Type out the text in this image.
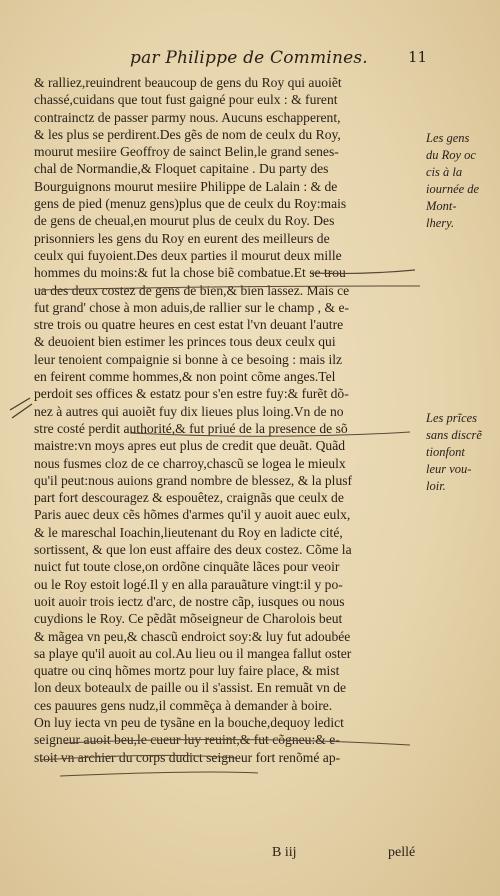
par Philippe de Commines.	11
& ralliez,reuindrent beaucoup de gens du Roy qui auoiẽt
chassé,cuidans que tout fust gaigné pour eulx : & furent
contrainctz de passer parmy nous. Aucuns eschapperent,
& les plus se perdirent.Des gẽs de nom de ceulx du Roy,
mourut mesiire Geoffroy de sainct Belin,le grand senes-
chal de Normandie,& Floquet capitaine . Du party des
Bourguignons mourut mesiire Philippe de Lalain : & de
gens de pied (menuz gens)plus que de ceulx du Roy:mais
de gens de cheual,en mourut plus de ceulx du Roy. Des
prisonniers les gens du Roy en eurent des meilleurs de
ceulx qui fuyoient.Des deux parties il mourut deux mille
hommes du moins:& fut la chose biẽ combatue.Et se trou
ua des deux costez de gens de bien,& bien lassez. Mais ce
fut grand' chose à mon aduis,de rallier sur le champ , & e-
stre trois ou quatre heures en cest estat l'vn deuant l'autre
& deuoient bien estimer les princes tous deux ceulx qui
leur tenoient compaignie si bonne à ce besoing : mais ilz
en feirent comme hommes,& non point cõme anges.Tel
perdoit ses offices & estatz pour s'en estre fuy:& furẽt dõ-
nez à autres qui auoiẽt fuy dix lieues plus loing.Vn de no
stre costé perdit authorité,& fut priué de la presence de sõ
maistre:vn moys apres eut plus de credit que deuãt. Quãd
nous fusmes cloz de ce charroy,chascũ se logea le mieulx
qu'il peut:nous auions grand nombre de blessez, & la plusf
part fort descouragez & espouêtez, craignãs que ceulx de
Paris auec deux cẽs hõmes d'armes qu'il y auoit auec eulx,
& le mareschal Ioachin,lieutenant du Roy en ladicte cité,
sortissent, & que lon eust affaire des deux costez. Cõme la
nuict fut toute close,on ordõne cinquãte lãces pour veoir
ou le Roy estoit logé.Il y en alla parauãture vingt:il y po-
uoit auoir trois iectz d'arc, de nostre cãp, iusques ou nous
cuydions le Roy. Ce pẽdãt mõseigneur de Charolois beut
& mãgea vn peu,& chascũ endroict soy:& luy fut adoubée
sa playe qu'il auoit au col.Au lieu ou il mangea fallut oster
quatre ou cinq hõmes mortz pour luy faire place, & mist
lon deux boteaulx de paille ou il s'assist. En remuãt vn de
ces pauures gens nudz,il commẽça à demander à boire.
On luy iecta vn peu de tysãne en la bouche,dequoy ledict
seigneur auoit beu,le cueur luy reuint,& fut cõgneu:& e-
stoit vn archier du corps dudict seigneur fort renõmé ap-
Les gens
du Roy oc
cis à la
iournée de
Mont-
lhery.
Les prĩces
sans discrẽ
tionfont
leur vou-
loir.
B iij	pellé
